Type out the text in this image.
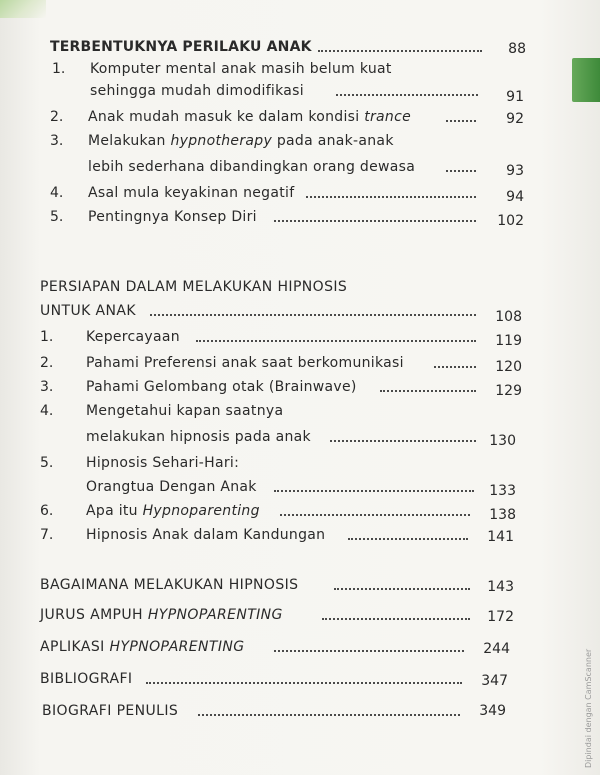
TERBENTUKNYA PERILAKU ANAK	88
1. Komputer mental anak masih belum kuat
sehingga mudah dimodifikasi	91
2. Anak mudah masuk ke dalam kondisi trance	92
3. Melakukan hypnotherapy pada anak-anak
lebih sederhana dibandingkan orang dewasa	93
4. Asal mula keyakinan negatif	94
5. Pentingnya Konsep Diri	102
PERSIAPAN DALAM MELAKUKAN HIPNOSIS
UNTUK ANAK	108
1. Kepercayaan	119
2. Pahami Preferensi anak saat berkomunikasi	120
3. Pahami Gelombang otak (Brainwave)	129
4. Mengetahui kapan saatnya
melakukan hipnosis pada anak	130
5. Hipnosis Sehari-Hari:
Orangtua Dengan Anak	133
6. Apa itu Hypnoparenting	138
7. Hipnosis Anak dalam Kandungan	141
BAGAIMANA MELAKUKAN HIPNOSIS	143
JURUS AMPUH HYPNOPARENTING	172
APLIKASI HYPNOPARENTING	244
BIBLIOGRAFI	347
BIOGRAFI PENULIS	349	Dipindai dengan CamScanner
